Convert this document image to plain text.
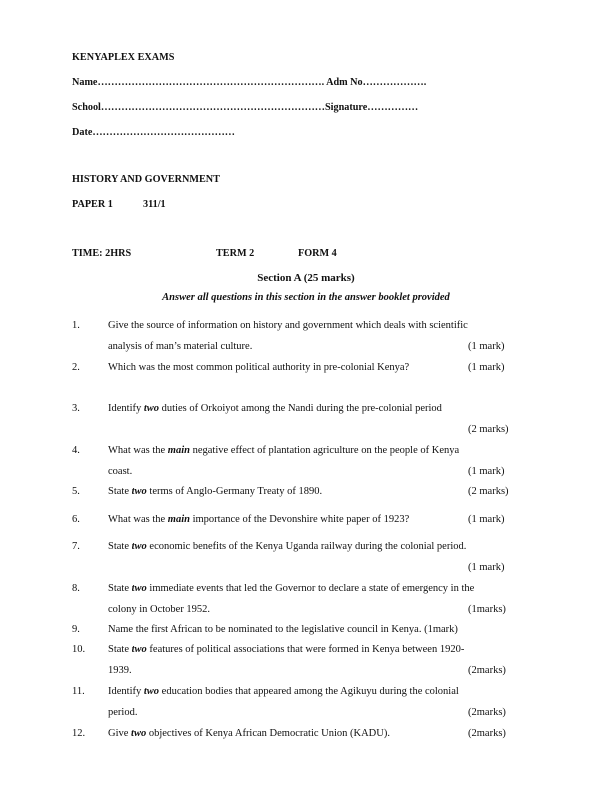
KENYAPLEX EXAMS
Name…………………………………………………………. Adm No……………….
School…………………………………………………………Signature……………
Date……………………………………
HISTORY AND GOVERNMENT
PAPER 1	311/1
TIME: 2HRS	TERM 2	FORM 4
Section A (25 marks)
Answer all questions in this section in the answer booklet provided
1.	Give the source of information on history and government which deals with scientific
analysis of man’s material culture.	(1 mark)
2.	Which was the most common political authority in pre-colonial Kenya?	(1 mark)
3.	Identify two duties of Orkoiyot among the Nandi during the pre-colonial period
(2 marks)
4.	What was the main negative effect of plantation agriculture on the people of Kenya
coast.	(1 mark)
5.	State two terms of Anglo-Germany Treaty of 1890.	(2 marks)
6.	What was the main importance of the Devonshire white paper of 1923?	(1 mark)
7.	State two economic benefits of the Kenya Uganda railway during the colonial period.
(1 mark)
8.	State two immediate events that led the Governor to declare a state of emergency in the
colony in October 1952.	(1marks)
9.	Name the first African to be nominated to the legislative council in Kenya. (1mark)
10. State two features of political associations that were formed in Kenya between 1920-
1939.	(2marks)
11. Identify two education bodies that appeared among the Agikuyu during the colonial
period.	(2marks)
12. Give two objectives of Kenya African Democratic Union (KADU).	(2marks)
